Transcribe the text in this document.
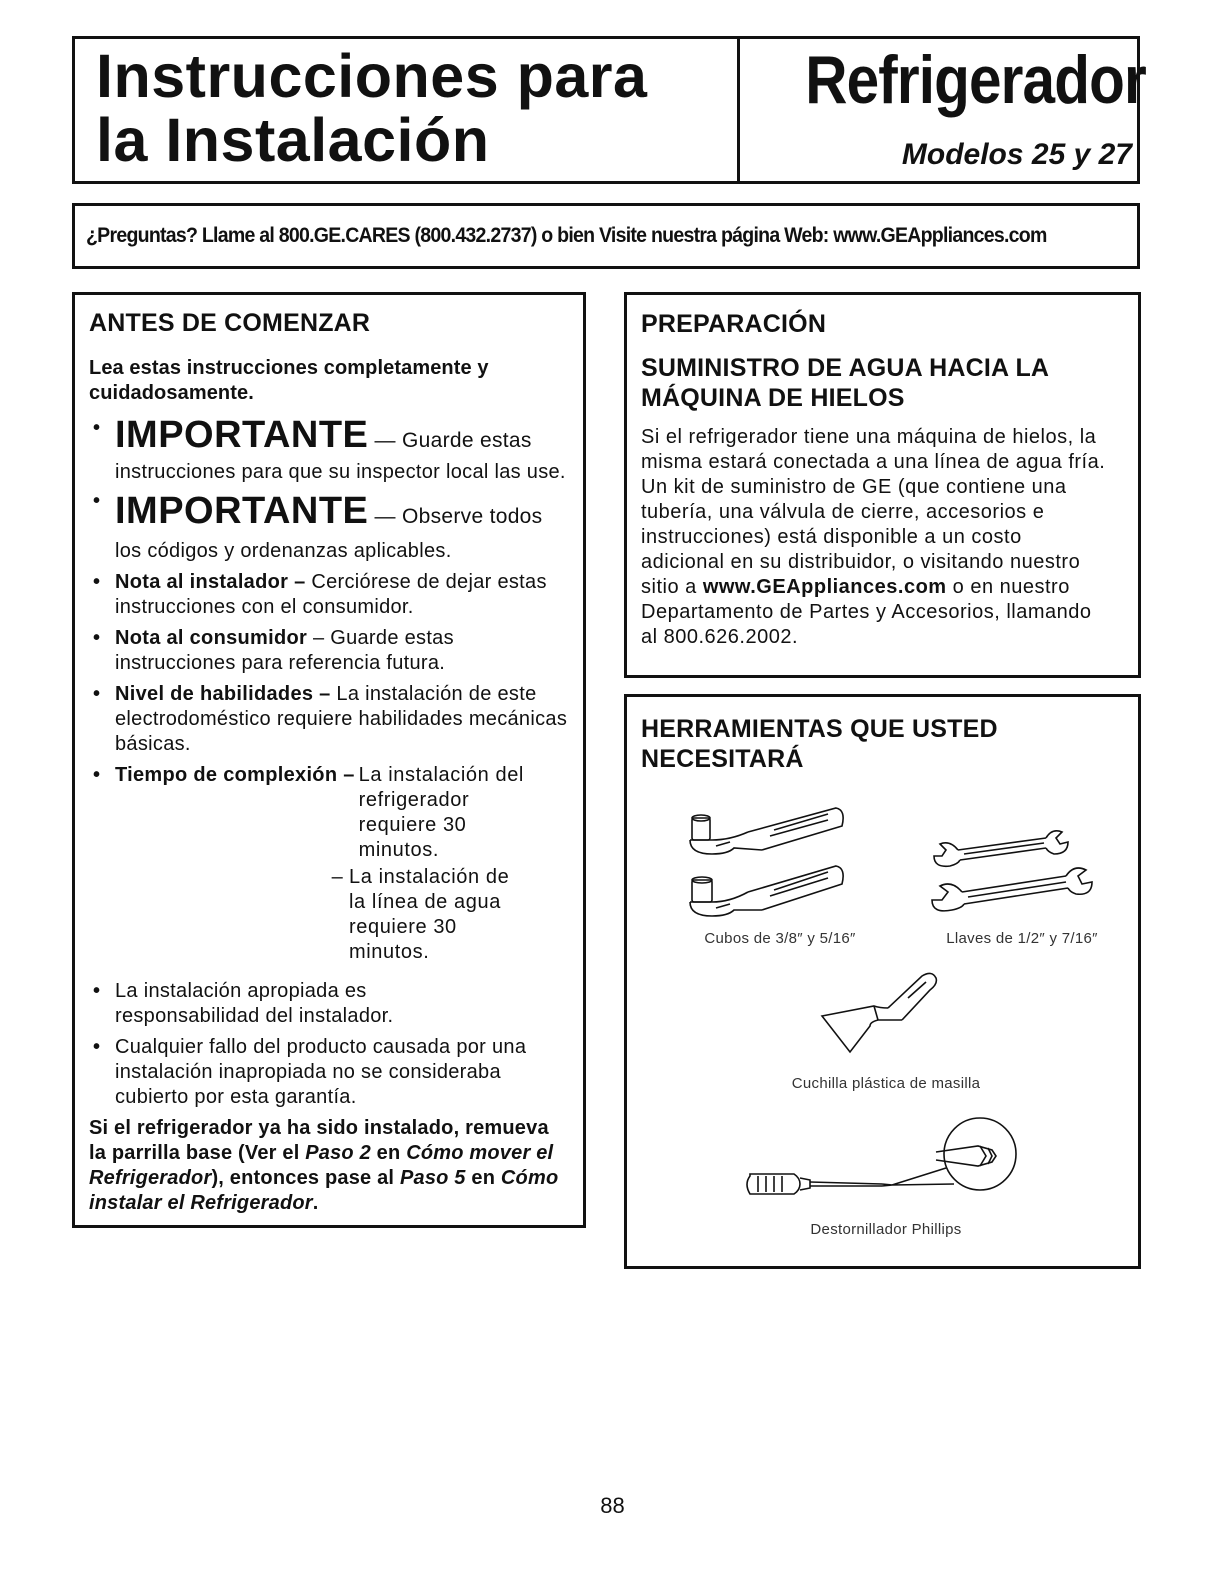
Instrucciones para
la Instalación
Refrigerador
Modelos 25 y 27
¿Preguntas? Llame al 800.GE.CARES (800.432.2737) o bien Visite nuestra página Web: www.GEAppliances.com
ANTES DE COMENZAR
Lea estas instrucciones completamente y cuidadosamente.
• IMPORTANTE — Guarde estas
instrucciones para que su inspector local las use.
• IMPORTANTE — Observe todos
los códigos y ordenanzas aplicables.
• Nota al instalador – Cerciórese de dejar estas instrucciones con el consumidor.
• Nota al consumidor – Guarde estas instrucciones para referencia futura.
• Nivel de habilidades – La instalación de este electrodoméstico requiere habilidades mecánicas básicas.
• Tiempo de complexión – La instalación del refrigerador requiere 30 minutos.
– La instalación de la línea de agua requiere 30 minutos.
• La instalación apropiada es responsabilidad del instalador.
• Cualquier fallo del producto causada por una instalación inapropiada no se consideraba cubierto por esta garantía.
Si el refrigerador ya ha sido instalado, remueva la parrilla base (Ver el Paso 2 en Cómo mover el Refrigerador), entonces pase al Paso 5 en Cómo instalar el Refrigerador.
PREPARACIÓN
SUMINISTRO DE AGUA HACIA LA MÁQUINA DE HIELOS
Si el refrigerador tiene una máquina de hielos, la misma estará conectada a una línea de agua fría. Un kit de suministro de GE (que contiene una tubería, una válvula de cierre, accesorios e instrucciones) está disponible a un costo adicional en su distribuidor, o visitando nuestro sitio a www.GEAppliances.com o en nuestro Departamento de Partes y Accesorios, llamando al 800.626.2002.
HERRAMIENTAS QUE USTED
NECESITARÁ
Cubos de 3/8″ y 5/16″	Llaves de 1/2″ y 7/16″
Cuchilla plástica de masilla
Destornillador Phillips
88
